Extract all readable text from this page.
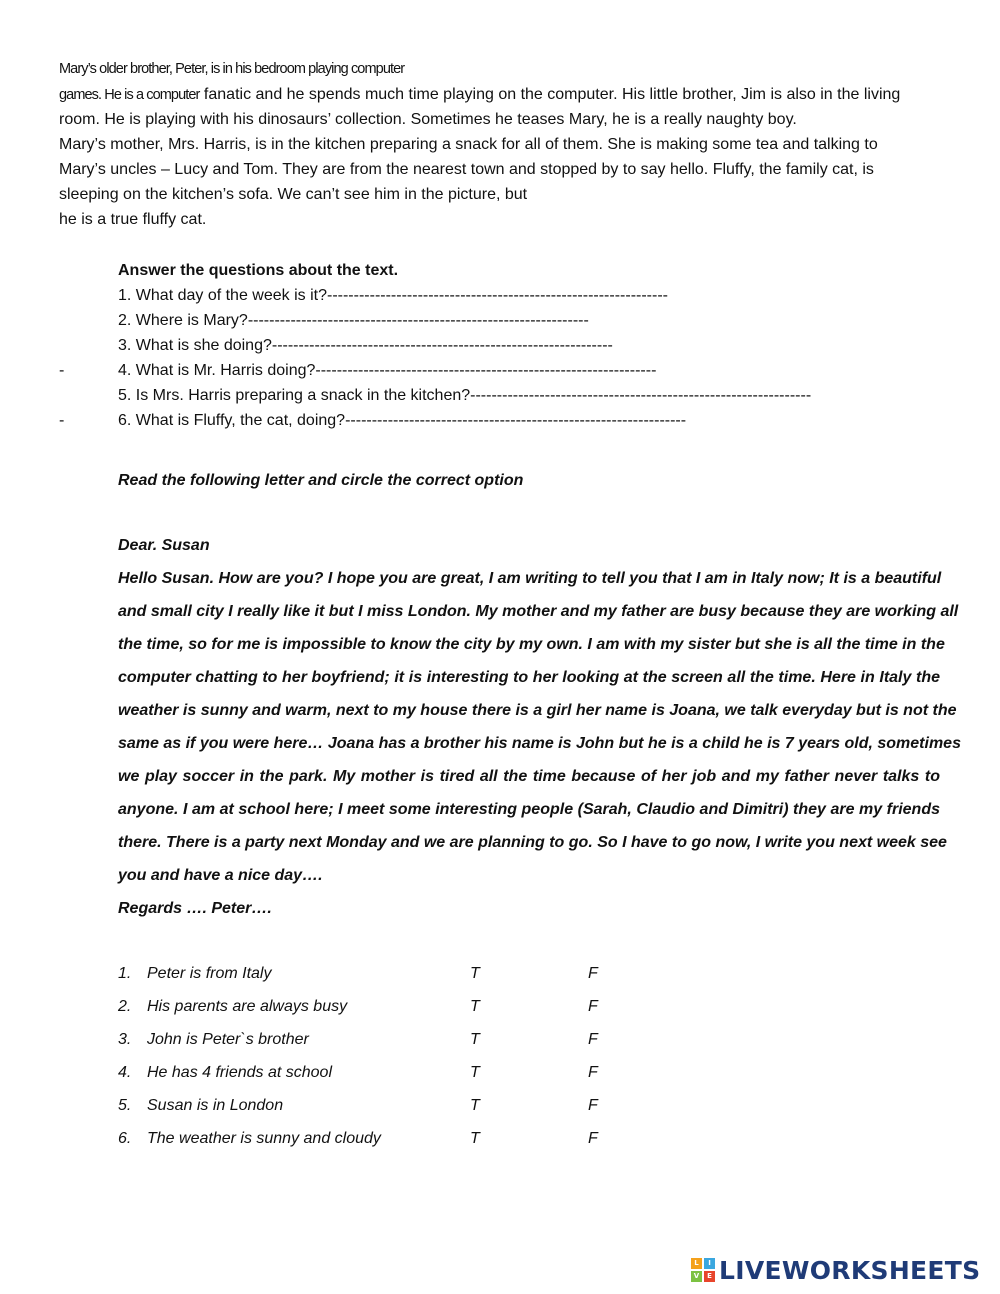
Mary’s older brother, Peter, is in his bedroom playing computer
games. He is a computer fanatic and he spends much time playing on the computer. His little brother, Jim is also in the living
room. He is playing with his dinosaurs’ collection. Sometimes he teases Mary, he is a really naughty boy.
Mary’s mother, Mrs. Harris, is in the kitchen preparing a snack for all of them. She is making some tea and talking to
Mary’s uncles – Lucy and Tom. They are from the nearest town and stopped by to say hello. Fluffy, the family cat, is
sleeping on the kitchen’s sofa. We can’t see him in the picture, but
he is a true fluffy cat.
Answer the questions about the text.
1. What day of the week is it?----------------------------------------------------------------
2. Where is Mary?----------------------------------------------------------------
3. What is she doing?----------------------------------------------------------------
-	4. What is Mr. Harris doing?----------------------------------------------------------------
5. Is Mrs. Harris preparing a snack in the kitchen?----------------------------------------------------------------
-	6. What is Fluffy, the cat, doing?----------------------------------------------------------------
Read the following letter and circle the correct option
Dear. Susan
Hello Susan. How are you? I hope you are great, I am writing to tell you that I am in Italy now; It is a beautiful
and small city I really like it but I miss London. My mother and my father are busy because they are working all
the time, so for me is impossible to know the city by my own. I am with my sister but she is all the time in the
computer chatting to her boyfriend; it is interesting to her looking at the screen all the time. Here in Italy the
weather is sunny and warm, next to my house there is a girl her name is Joana, we talk everyday but is not the
same as if you were here… Joana has a brother his name is John but he is a child he is 7 years old, sometimes
we play soccer in the park. My mother is tired all the time because of her job and my father never talks to
anyone. I am at school here; I meet some interesting people (Sarah, Claudio and Dimitri) they are my friends
there. There is a party next Monday and we are planning to go. So I have to go now, I write you next week see
you and have a nice day….
Regards …. Peter….
1. Peter is from Italy	T	F
2. His parents are always busy	T	F
3. John is Peter`s brother	T	F
4. He has 4 friends at school	T	F
5. Susan is in London	T	F
6. The weather is sunny and cloudy	T	F
L	I
V	E LIVEWORKSHEETS
